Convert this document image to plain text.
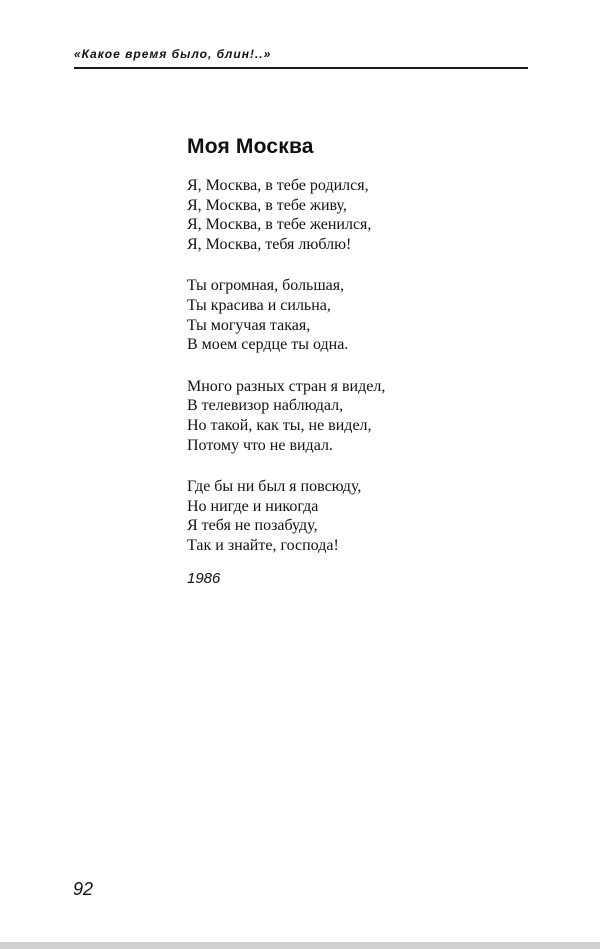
«Какое время было, блин!..»
Моя Москва
Я, Москва, в тебе родился,
Я, Москва, в тебе живу,
Я, Москва, в тебе женился,
Я, Москва, тебя люблю!
Ты огромная, большая,
Ты красива и сильна,
Ты могучая такая,
В моем сердце ты одна.
Много разных стран я видел,
В телевизор наблюдал,
Но такой, как ты, не видел,
Потому что не видал.
Где бы ни был я повсюду,
Но нигде и никогда
Я тебя не позабуду,
Так и знайте, господа!
1986
92
